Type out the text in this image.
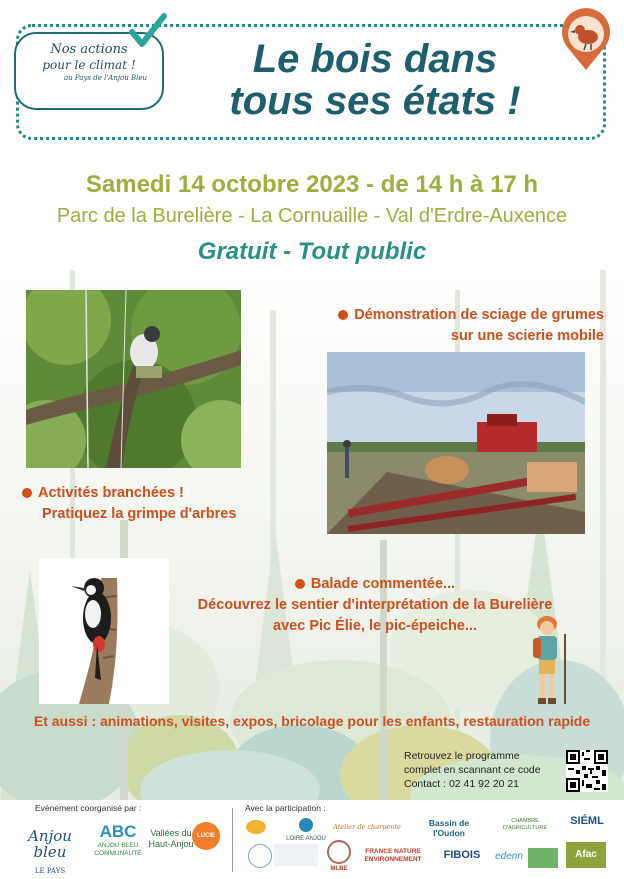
Nos actions
pour le climat !
au Pays de l'Anjou Bleu	Le bois dans
tous ses états !
Samedi 14 octobre 2023 - de 14 h à 17 h
Parc de la Burelière - La Cornuaille - Val d'Erdre-Auxence
Gratuit - Tout public
Démonstration de sciage de grumes
sur une scierie mobile
Activités branchées !
Pratiquez la grimpe d'arbres
Balade commentée...
Découvrez le sentier d'interprétation de la Burelière
avec Pic Élie, le pic-épeiche...
Et aussi : animations, visites, expos, bricolage pour les enfants, restauration rapide
Retrouvez le programme
complet en scannant ce code
Contact : 02 41 92 20 21
Evènement coorganisé par :	Avec la participation :
Anjou bleu
LE PAYS
ABC
ANJOU BLEU COMMUNAUTÉ
Vallées du Haut-Anjou
LUCIE	LOIRE ANJOU
Atelier de charpente	Bassin de l'Oudon
CHAMBRE D'AGRICULTURE
SIÉML
MLBE
FRANCE NATURE ENVIRONNEMENT	FIBOIS	edenn	Afac
